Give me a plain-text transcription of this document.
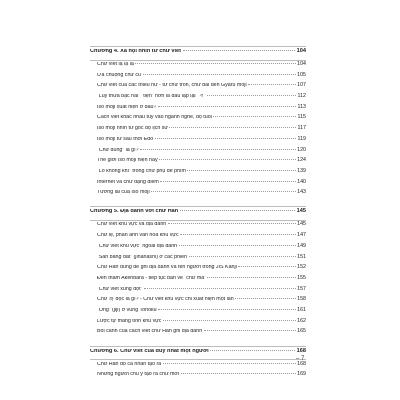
Chương 4. Xã hội nhìn từ chữ viết	104
Chữ viết lạ lạ lạ	104
Ưa chuộng chữ cũ	105
Chữ viết của các thiếu nữ - từ chữ tròn, chữ dài đến Gyaru moji	107
“Lủy thừa bậc hai” “tiện” hơn là dấu lặp lại “々”	112
Isō moji xuất hiện ở đâu?	113
Cách viết khác nhau tùy vào ngành nghề, độ tuổi	115
Isō moji nhìn từ góc độ lịch sử	117
Isō moji từ sau thời Edo	119
“Chữ đúng” là gì?	120
Thế giới Isō moji hiện nay	124
“Lỗ không khí” trong chữ phụ dễ phím	139
Internet và chữ dạng điểm	140
Tương lai của Isō moji	143
Chương 5. Địa danh với chữ Hán	145
Chữ viết khu vực và địa danh	145
Chữ lệ, phản ánh văn hóa khu vực	147
“Chữ viết khu vực” ngoài địa danh	149
“San bằng đất” (jinanashi) ở các phiên	151
Chữ Hán dùng để ghi địa danh và tên người trong JIS Kanji	152
Đền thám Akenbara - tiếp tục bàn về “chữ ma”	155
“Chữ viết xung đột”	157
Chữ 㟢 đọc là gì? - Chữ viết khu vực chỉ xuất hiện một lần	158
“Ông” (jiji) ở vùng Tohoku	161
Lược tự mang tính khu vực	162
Bối cảnh của cách viết chữ Hán ghi địa danh	165
Chương 6. Chữ viết của duy nhất một người	168
Chữ Hán do cá nhân tạo ra	168
Những người chủ ý tạo ra chữ mới	169
– 7
